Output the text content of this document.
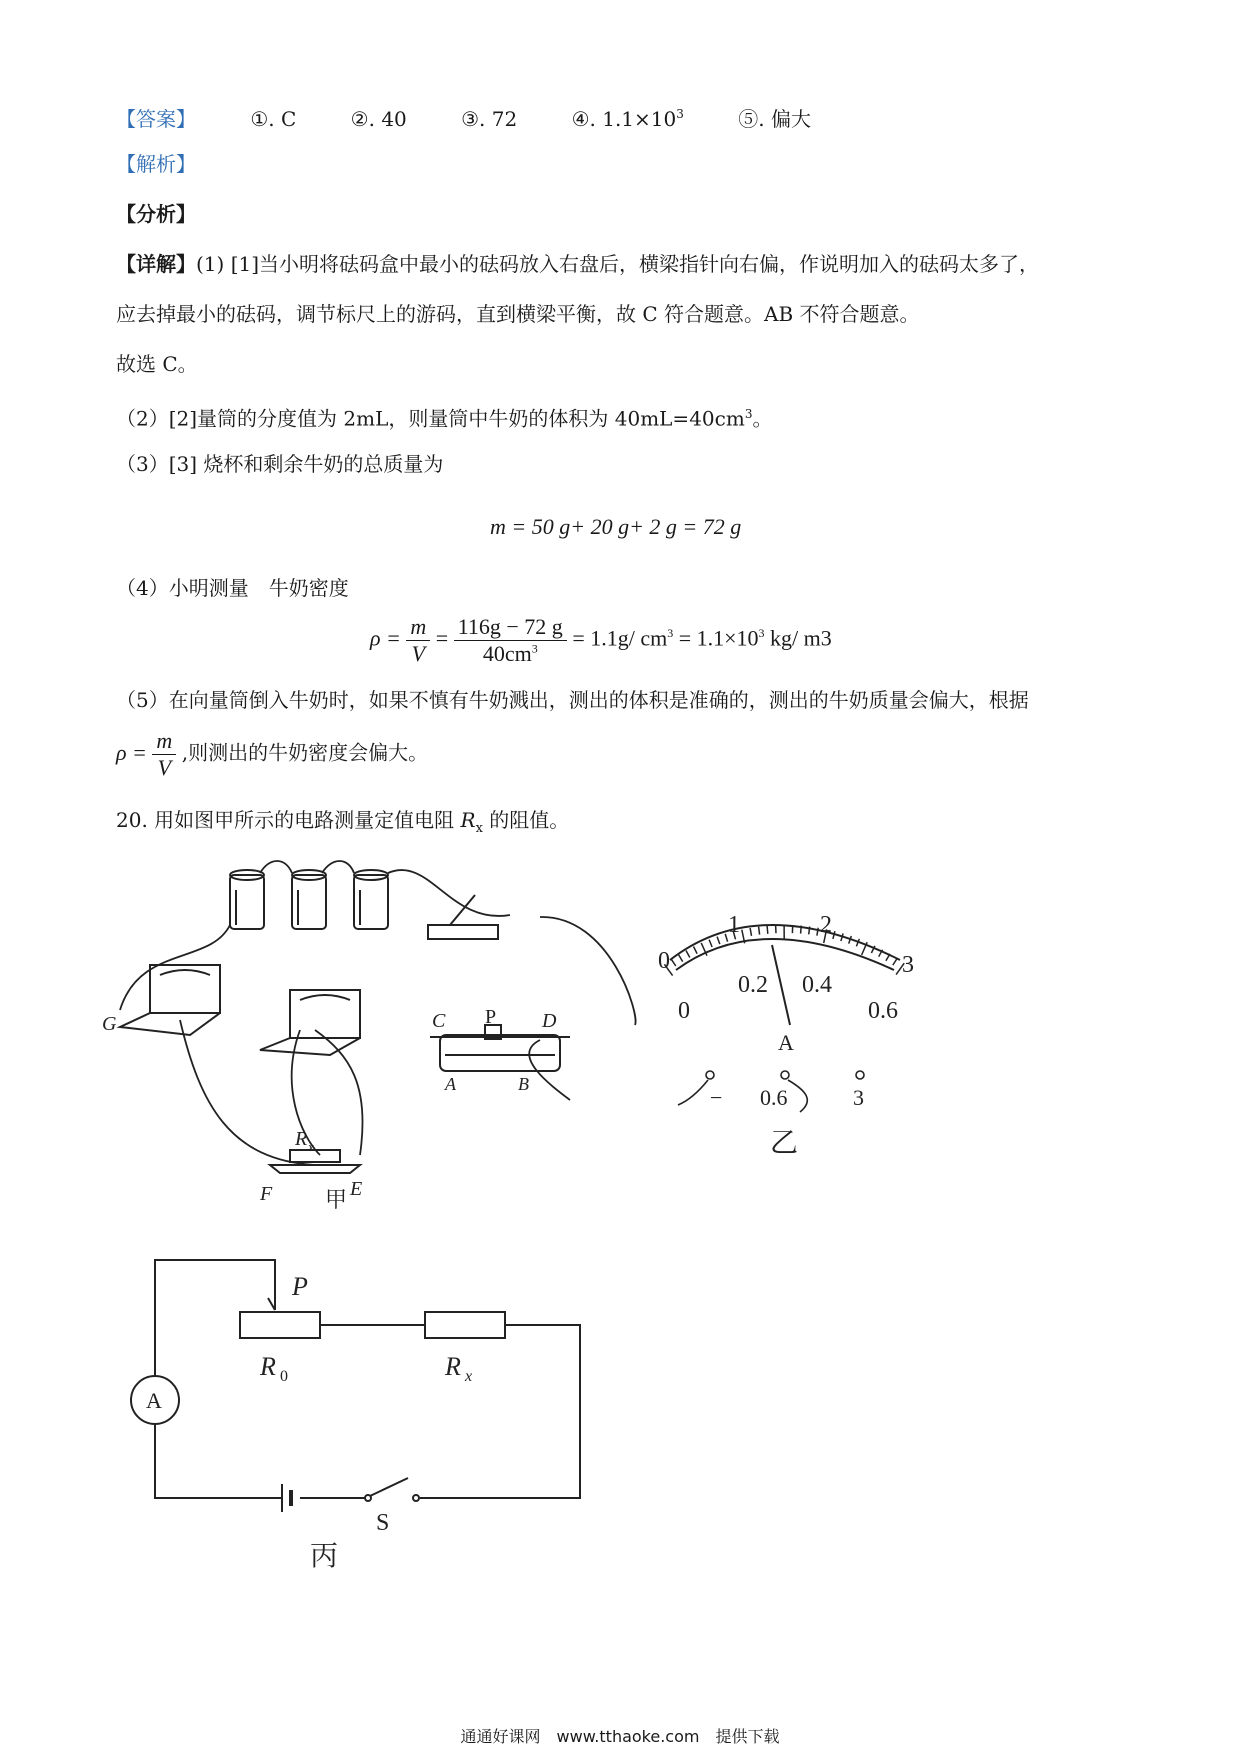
【答案】	①. C	②. 40	③. 72	④. $1.1\times 10^3$	⑤. 偏大
【解析】
【分析】
【详解】(1) [1]当小明将砝码盒中最小的砝码放入右盘后，横梁指针向右偏，作说明加入的砝码太多了，
应去掉最小的砝码，调节标尺上的游码，直到横梁平衡，故 C 符合题意。AB 不符合题意。
故选 C。
（2）[2]量筒的分度值为 2mL，则量筒中牛奶的体积为 $40mL=40cm^3$。
（3）[3] 烧杯和剩余牛奶的总质量为
m = 50 g+ 20 g+ 2 g = 72 g
（4）小明测量　牛奶密度
$\rho = \frac{m}{V} = \frac{116g - 72 g}{40cm^3} = 1.1g/$ $cm^3 = 1.1\times 10^3$ kg/ m3
（5）在向量筒倒入牛奶时，如果不慎有牛奶溅出，测出的体积是准确的，测出的牛奶质量会偏大，根据
$\rho = \frac{m}{V}$ ,则测出的牛奶密度会偏大。
20. 用如图甲所示的电路测量定值电阻 $R_x$ 的阻值。
G
F	E
C P D
A	B
R x
甲
0
1	2
3
0
0.2 0.4
0.6
A
− 0.6	3
乙
P
R 0	R x
A
S
丙
通通好课网　www.tthaoke.com　提供下载
